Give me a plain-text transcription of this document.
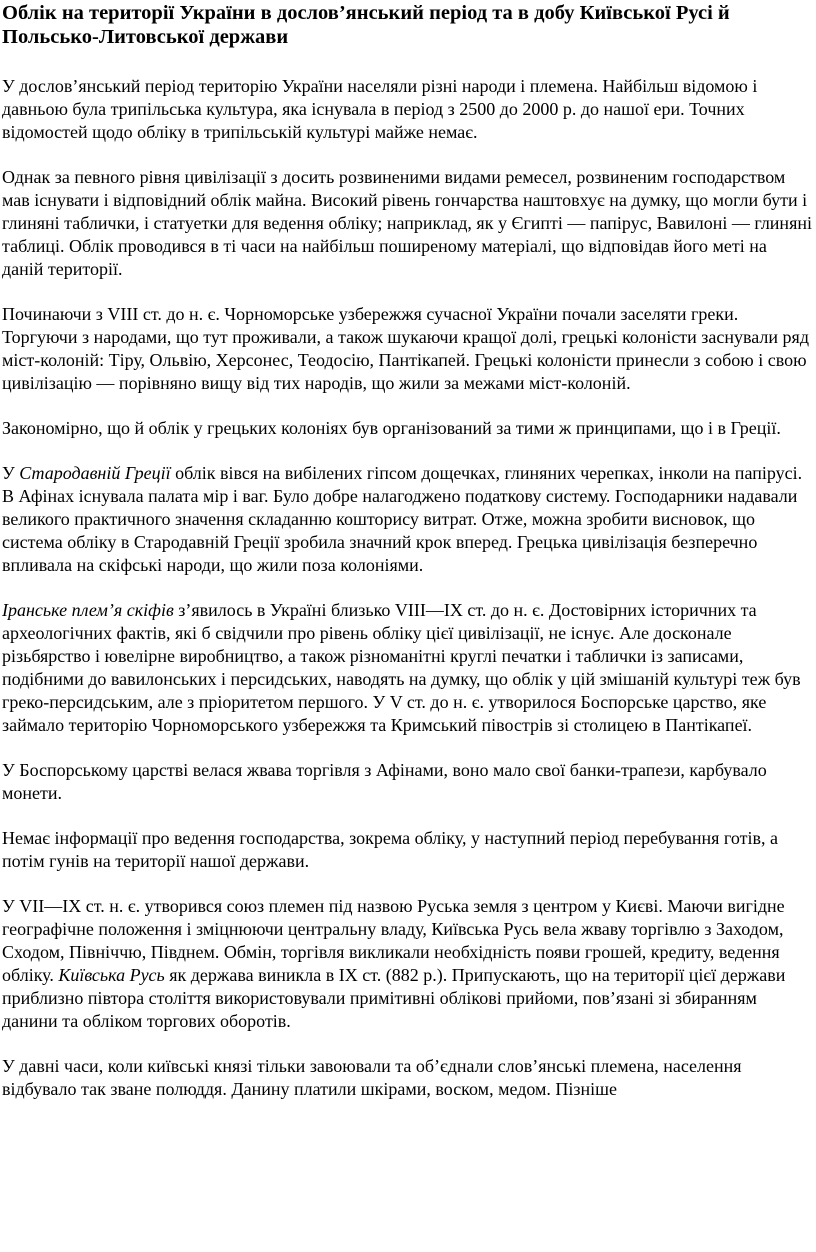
Облік на території України в дослов’янський період та в добу Київської Русі й Польсько-Литовської держави

У дослов’янський період територію України населяли різні народи і племена. Найбільш відомою і давньою була трипільська культура, яка існувала в період з 2500 до 2000 р. до нашої ери. Точних відомостей щодо обліку в трипільській культурі майже немає.

Однак за певного рівня цивілізації з досить розвиненими видами ремесел, розвиненим господарством мав існувати і відповідний облік майна. Високий рівень гончарства наштовхує на думку, що могли бути і глиняні таблички, і статуетки для ведення обліку; наприклад, як у Єгипті — папірус, Вавилоні — глиняні таблиці. Облік проводився в ті часи на найбільш поширеному матеріалі, що відповідав його меті на даній території.

Починаючи з VIII ст. до н. є. Чорноморське узбережжя сучасної України почали заселяти греки. Торгуючи з народами, що тут проживали, а також шукаючи кращої долі, грецькі колоністи заснували ряд міст-колоній: Тіру, Ольвію, Херсонес, Теодосію, Пантікапей. Грецькі колоністи принесли з собою і свою цивілізацію — порівняно вищу від тих народів, що жили за межами міст-колоній.

Закономірно, що й облік у грецьких колоніях був організований за тими ж принципами, що і в Греції.

У Стародавній Греції облік вівся на вибілених гіпсом дощечках, глиняних черепках, інколи на папірусі. В Афінах існувала палата мір і ваг. Було добре налагоджено податкову систему. Господарники надавали великого практичного значення складанню кошторису витрат. Отже, можна зробити висновок, що система обліку в Стародавній Греції зробила значний крок вперед. Грецька цивілізація безперечно впливала на скіфські народи, що жили поза колоніями.

Іранське плем’я скіфів з’явилось в Україні близько VIII—IX ст. до н. є. Достовірних історичних та археологічних фактів, які б свідчили про рівень обліку цієї цивілізації, не існує. Але досконале різьбярство і ювелірне виробництво, а також різноманітні круглі печатки і таблички із записами, подібними до вавилонських і персидських, наводять на думку, що облік у цій змішаній культурі теж був греко-персидським, але з пріоритетом першого. У V ст. до н. є. утворилося Боспорське царство, яке займало територію Чорноморського узбережжя та Кримський півострів зі столицею в Пантікапеї.

У Боспорському царстві велася жвава торгівля з Афінами, воно мало свої банки-трапези, карбувало монети.

Немає інформації про ведення господарства, зокрема обліку, у наступний період перебування готів, а потім гунів на території нашої держави.

У VII—IX ст. н. є. утворився союз племен під назвою Руська земля з центром у Києві. Маючи вигідне географічне положення і зміцнюючи центральну владу, Київська Русь вела жваву торгівлю з Заходом, Сходом, Північчю, Півднем. Обмін, торгівля викликали необхідність появи грошей, кредиту, ведення обліку. Київська Русь як держава виникла в IX ст. (882 р.). Припускають, що на території цієї держави приблизно півтора століття використовували примітивні облікові прийоми, пов’язані зі збиранням данини та обліком торгових оборотів.

У давні часи, коли київські князі тільки завоювали та об’єднали слов’янські племена, населення відбувало так зване полюддя. Данину платили шкірами, воском, медом. Пізніше
